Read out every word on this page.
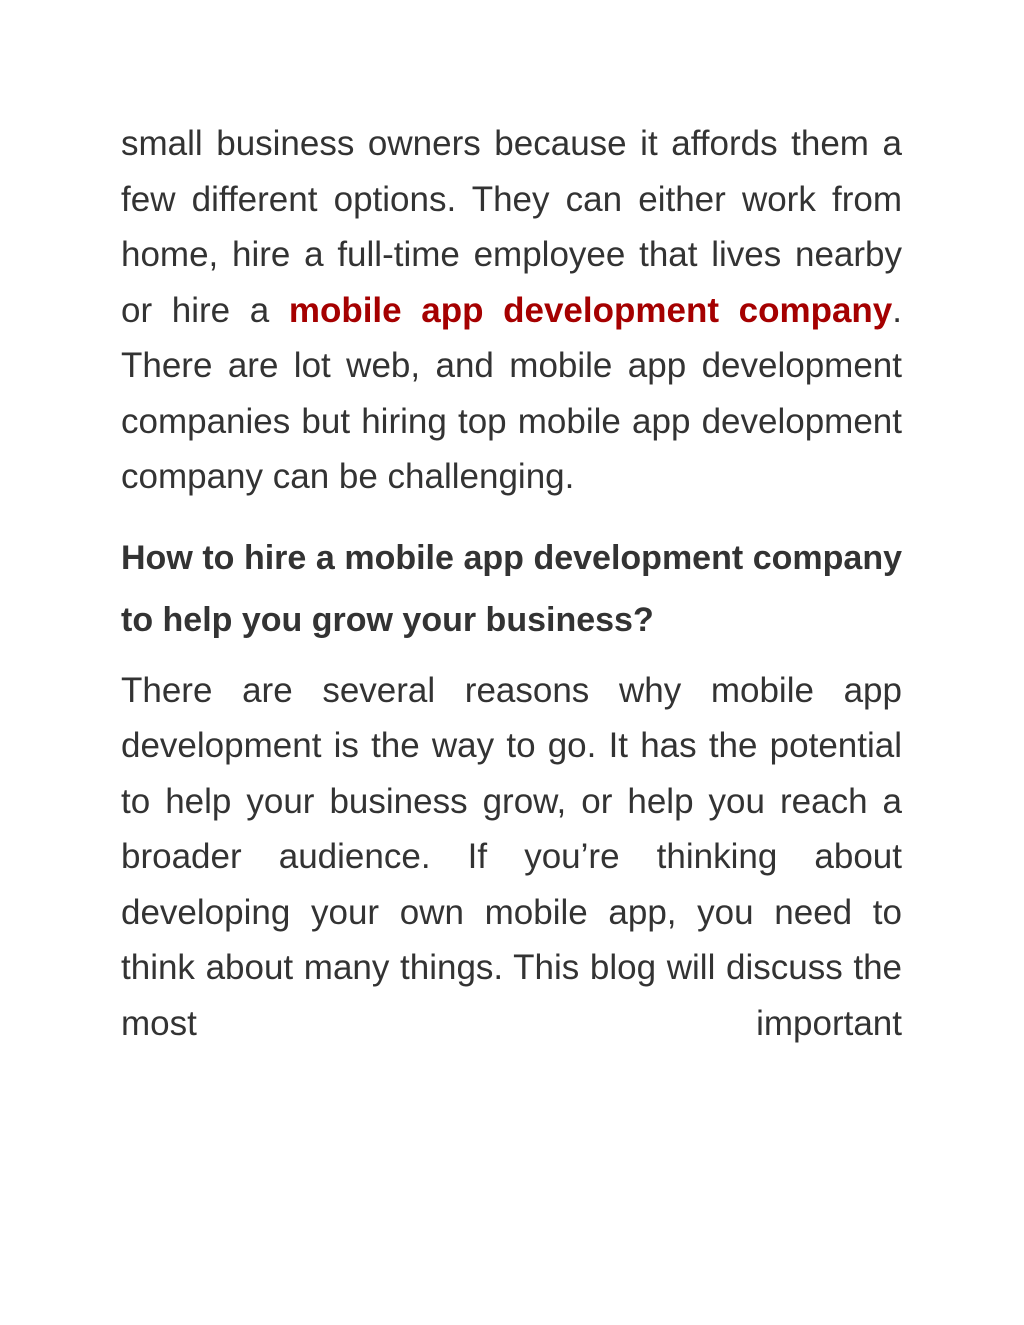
small business owners because it affords them a few different options. They can either work from home, hire a full-time employee that lives nearby or hire a mobile app development company. There are lot web, and mobile app development companies but hiring top mobile app development company can be challenging.

How to hire a mobile app development company to help you grow your business?

There are several reasons why mobile app development is the way to go. It has the potential to help your business grow, or help you reach a broader audience. If you’re thinking about developing your own mobile app, you need to think about many things. This blog will discuss the most important
